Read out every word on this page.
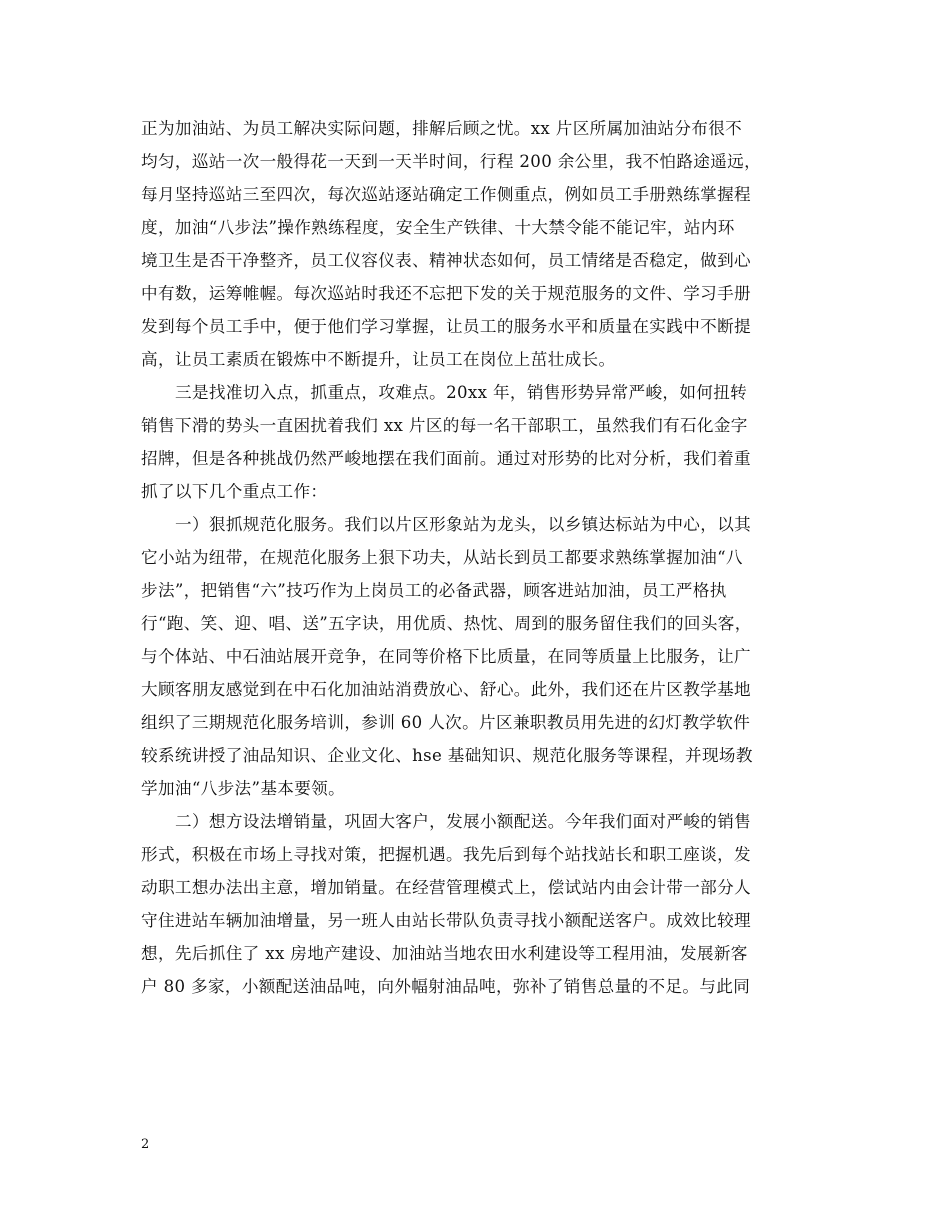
正为加油站、为员工解决实际问题，排解后顾之忧。xx 片区所属加油站分布很不
均匀，巡站一次一般得花一天到一天半时间，行程 200 余公里，我不怕路途遥远，
每月坚持巡站三至四次，每次巡站逐站确定工作侧重点，例如员工手册熟练掌握程
度，加油“八步法”操作熟练程度，安全生产铁律、十大禁令能不能记牢，站内环
境卫生是否干净整齐，员工仪容仪表、精神状态如何，员工情绪是否稳定，做到心
中有数，运筹帷幄。每次巡站时我还不忘把下发的关于规范服务的文件、学习手册
发到每个员工手中，便于他们学习掌握，让员工的服务水平和质量在实践中不断提
高，让员工素质在锻炼中不断提升，让员工在岗位上茁壮成长。

三是找准切入点，抓重点，攻难点。20xx 年，销售形势异常严峻，如何扭转
销售下滑的势头一直困扰着我们 xx 片区的每一名干部职工，虽然我们有石化金字
招牌，但是各种挑战仍然严峻地摆在我们面前。通过对形势的比对分析，我们着重
抓了以下几个重点工作：

一）狠抓规范化服务。我们以片区形象站为龙头，以乡镇达标站为中心，以其
它小站为纽带，在规范化服务上狠下功夫，从站长到员工都要求熟练掌握加油“八
步法”，把销售“六”技巧作为上岗员工的必备武器，顾客进站加油，员工严格执
行“跑、笑、迎、唱、送”五字诀，用优质、热忱、周到的服务留住我们的回头客，
与个体站、中石油站展开竞争，在同等价格下比质量，在同等质量上比服务，让广
大顾客朋友感觉到在中石化加油站消费放心、舒心。此外，我们还在片区教学基地
组织了三期规范化服务培训，参训 60 人次。片区兼职教员用先进的幻灯教学软件
较系统讲授了油品知识、企业文化、hse 基础知识、规范化服务等课程，并现场教
学加油“八步法”基本要领。

二）想方设法增销量，巩固大客户，发展小额配送。今年我们面对严峻的销售
形式，积极在市场上寻找对策，把握机遇。我先后到每个站找站长和职工座谈，发
动职工想办法出主意，增加销量。在经营管理模式上，偿试站内由会计带一部分人
守住进站车辆加油增量，另一班人由站长带队负责寻找小额配送客户。成效比较理
想，先后抓住了 xx 房地产建设、加油站当地农田水利建设等工程用油，发展新客
户 80 多家，小额配送油品吨，向外幅射油品吨，弥补了销售总量的不足。与此同

2
